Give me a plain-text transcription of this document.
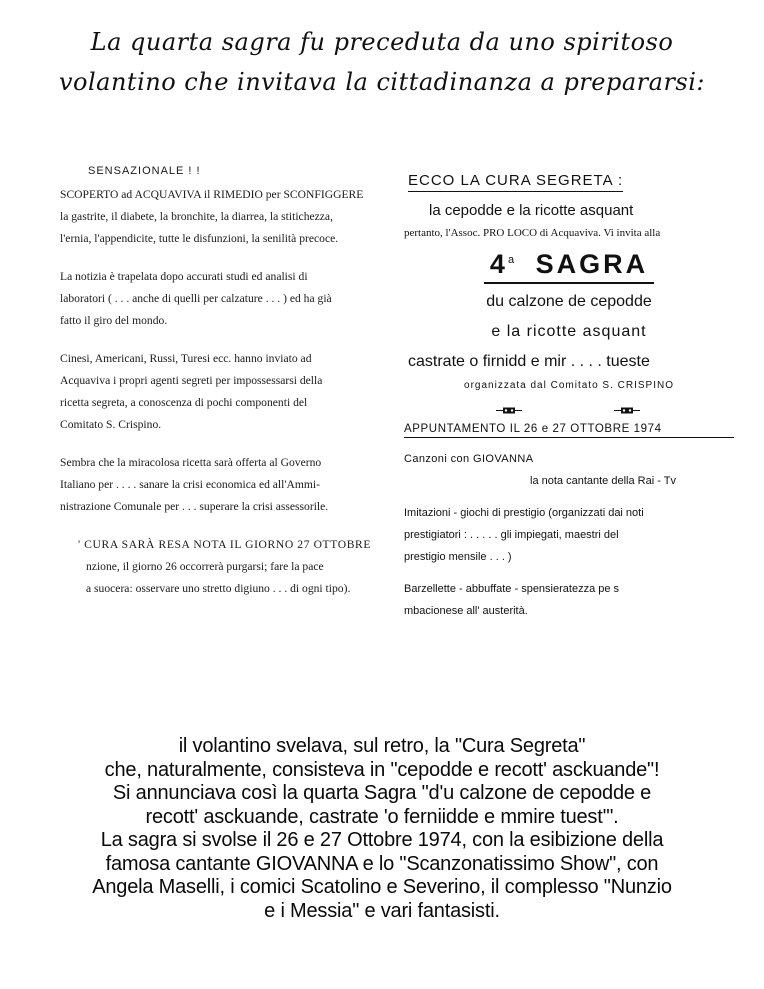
La quarta sagra fu preceduta da uno spiritoso
volantino che invitava la cittadinanza a prepararsi:
SENSAZIONALE ! !
SCOPERTO ad ACQUAVIVA il RIMEDIO per SCONFIGGERE
la gastrite, il diabete, la bronchite, la diarrea, la stitichezza,
l'ernia, l'appendicite, tutte le disfunzioni, la senilità precoce.
La notizia è trapelata dopo accurati studi ed analisi di
laboratori ( . . . anche di quelli per calzature . . . ) ed ha già
fatto il giro del mondo.
Cinesi, Americani, Russi, Turesi ecc. hanno inviato ad
Acquaviva i propri agenti segreti per impossessarsi della
ricetta segreta, a conoscenza di pochi componenti del
Comitato S. Crispino.
Sembra che la miracolosa ricetta sarà offerta al Governo
Italiano per . . . . sanare la crisi economica ed all'Ammi-
nistrazione Comunale per . . . superare la crisi assessorile.
' CURA SARÀ RESA NOTA IL GIORNO 27 OTTOBRE
nzione, il giorno 26 occorrerà purgarsi; fare la pace
a suocera: osservare uno stretto digiuno . . . di ogni tipo).
ECCO LA CURA SEGRETA :
la cepodde e la ricotte asquant
pertanto, l'Assoc. PRO LOCO di Acquaviva. Vi invita alla
4$^a$ SAGRA
du calzone de cepodde
e la ricotte asquant
castrate o firnidd e mir . . . . tueste
organizzata dal Comitato S. CRISPINO
APPUNTAMENTO IL 26 e 27 OTTOBRE 1974
Canzoni con GIOVANNA
la nota cantante della Rai - Tv
Imitazioni - giochi di prestigio (organizzati dai noti
prestigiatori : . . . . . gli impiegati, maestri del
prestigio mensile . . . )
Barzellette - abbuffate - spensieratezza pe s
mbacionese all' austerità.
il volantino svelava, sul retro, la "Cura Segreta"
che, naturalmente, consisteva in "cepodde e recott' asckuande"!
Si annunciava così la quarta Sagra "d'u calzone de cepodde e
recott' asckuande, castrate 'o ferniidde e mmire tuest'".
La sagra si svolse il 26 e 27 Ottobre 1974, con la esibizione della
famosa cantante GIOVANNA e lo "Scanzonatissimo Show", con
Angela Maselli, i comici Scatolino e Severino, il complesso "Nunzio
e i Messia" e vari fantasisti.
